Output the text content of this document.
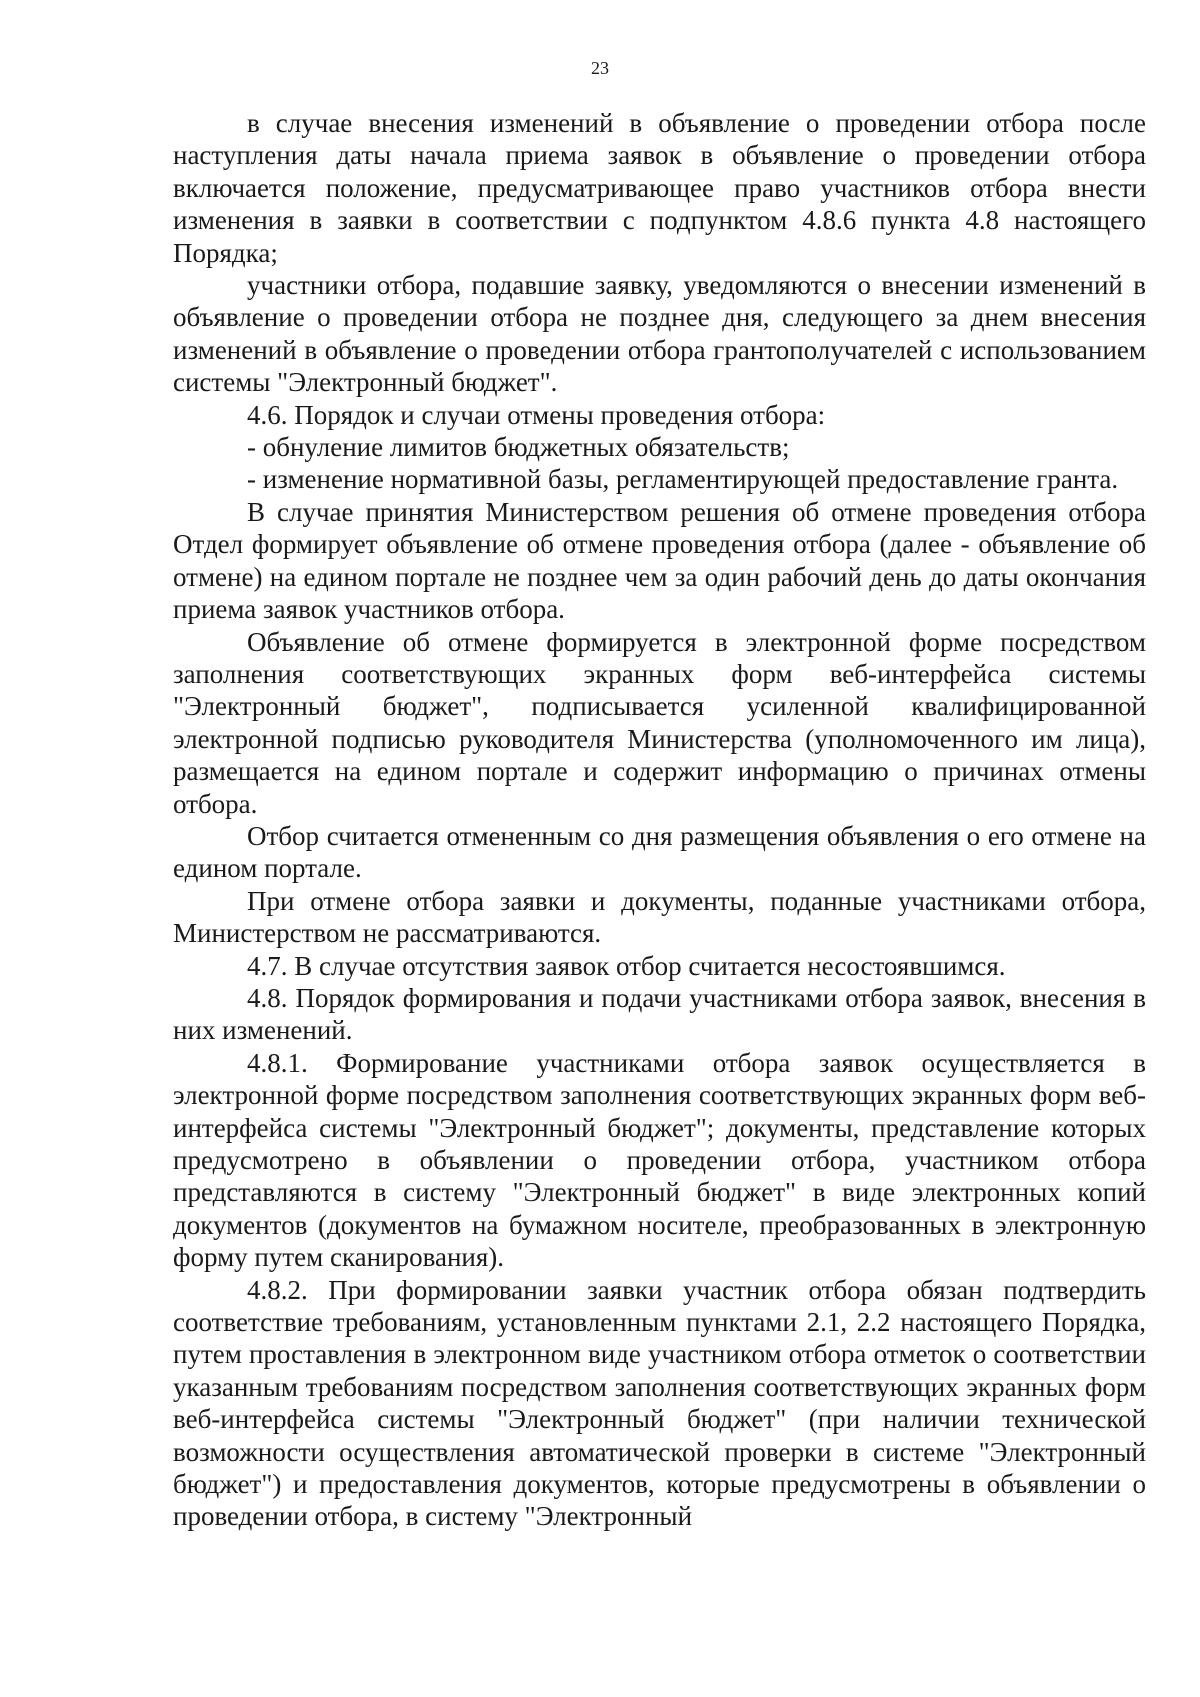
23

в случае внесения изменений в объявление о проведении отбора после наступления даты начала приема заявок в объявление о проведении отбора включается положение, предусматривающее право участников отбора внести изменения в заявки в соответствии с подпунктом 4.8.6 пункта 4.8 настоящего Порядка;

участники отбора, подавшие заявку, уведомляются о внесении изменений в объявление о проведении отбора не позднее дня, следующего за днем внесения изменений в объявление о проведении отбора грантополучателей с использованием системы "Электронный бюджет".

4.6. Порядок и случаи отмены проведения отбора:

- обнуление лимитов бюджетных обязательств;

- изменение нормативной базы, регламентирующей предоставление гранта.

В случае принятия Министерством решения об отмене проведения отбора Отдел формирует объявление об отмене проведения отбора (далее - объявление об отмене) на едином портале не позднее чем за один рабочий день до даты окончания приема заявок участников отбора.

Объявление об отмене формируется в электронной форме посредством заполнения соответствующих экранных форм веб-интерфейса системы "Электронный бюджет", подписывается усиленной квалифицированной электронной подписью руководителя Министерства (уполномоченного им лица), размещается на едином портале и содержит информацию о причинах отмены отбора.

Отбор считается отмененным со дня размещения объявления о его отмене на едином портале.

При отмене отбора заявки и документы, поданные участниками отбора, Министерством не рассматриваются.

4.7. В случае отсутствия заявок отбор считается несостоявшимся.

4.8. Порядок формирования и подачи участниками отбора заявок, внесения в них изменений.

4.8.1. Формирование участниками отбора заявок осуществляется в электронной форме посредством заполнения соответствующих экранных форм веб-интерфейса системы "Электронный бюджет"; документы, представление которых предусмотрено в объявлении о проведении отбора, участником отбора представляются в систему "Электронный бюджет" в виде электронных копий документов (документов на бумажном носителе, преобразованных в электронную форму путем сканирования).

4.8.2. При формировании заявки участник отбора обязан подтвердить соответствие требованиям, установленным пунктами 2.1, 2.2 настоящего Порядка, путем проставления в электронном виде участником отбора отметок о соответствии указанным требованиям посредством заполнения соответствующих экранных форм веб-интерфейса системы "Электронный бюджет" (при наличии технической возможности осуществления автоматической проверки в системе "Электронный бюджет") и предоставления документов, которые предусмотрены в объявлении о проведении отбора, в систему "Электронный
